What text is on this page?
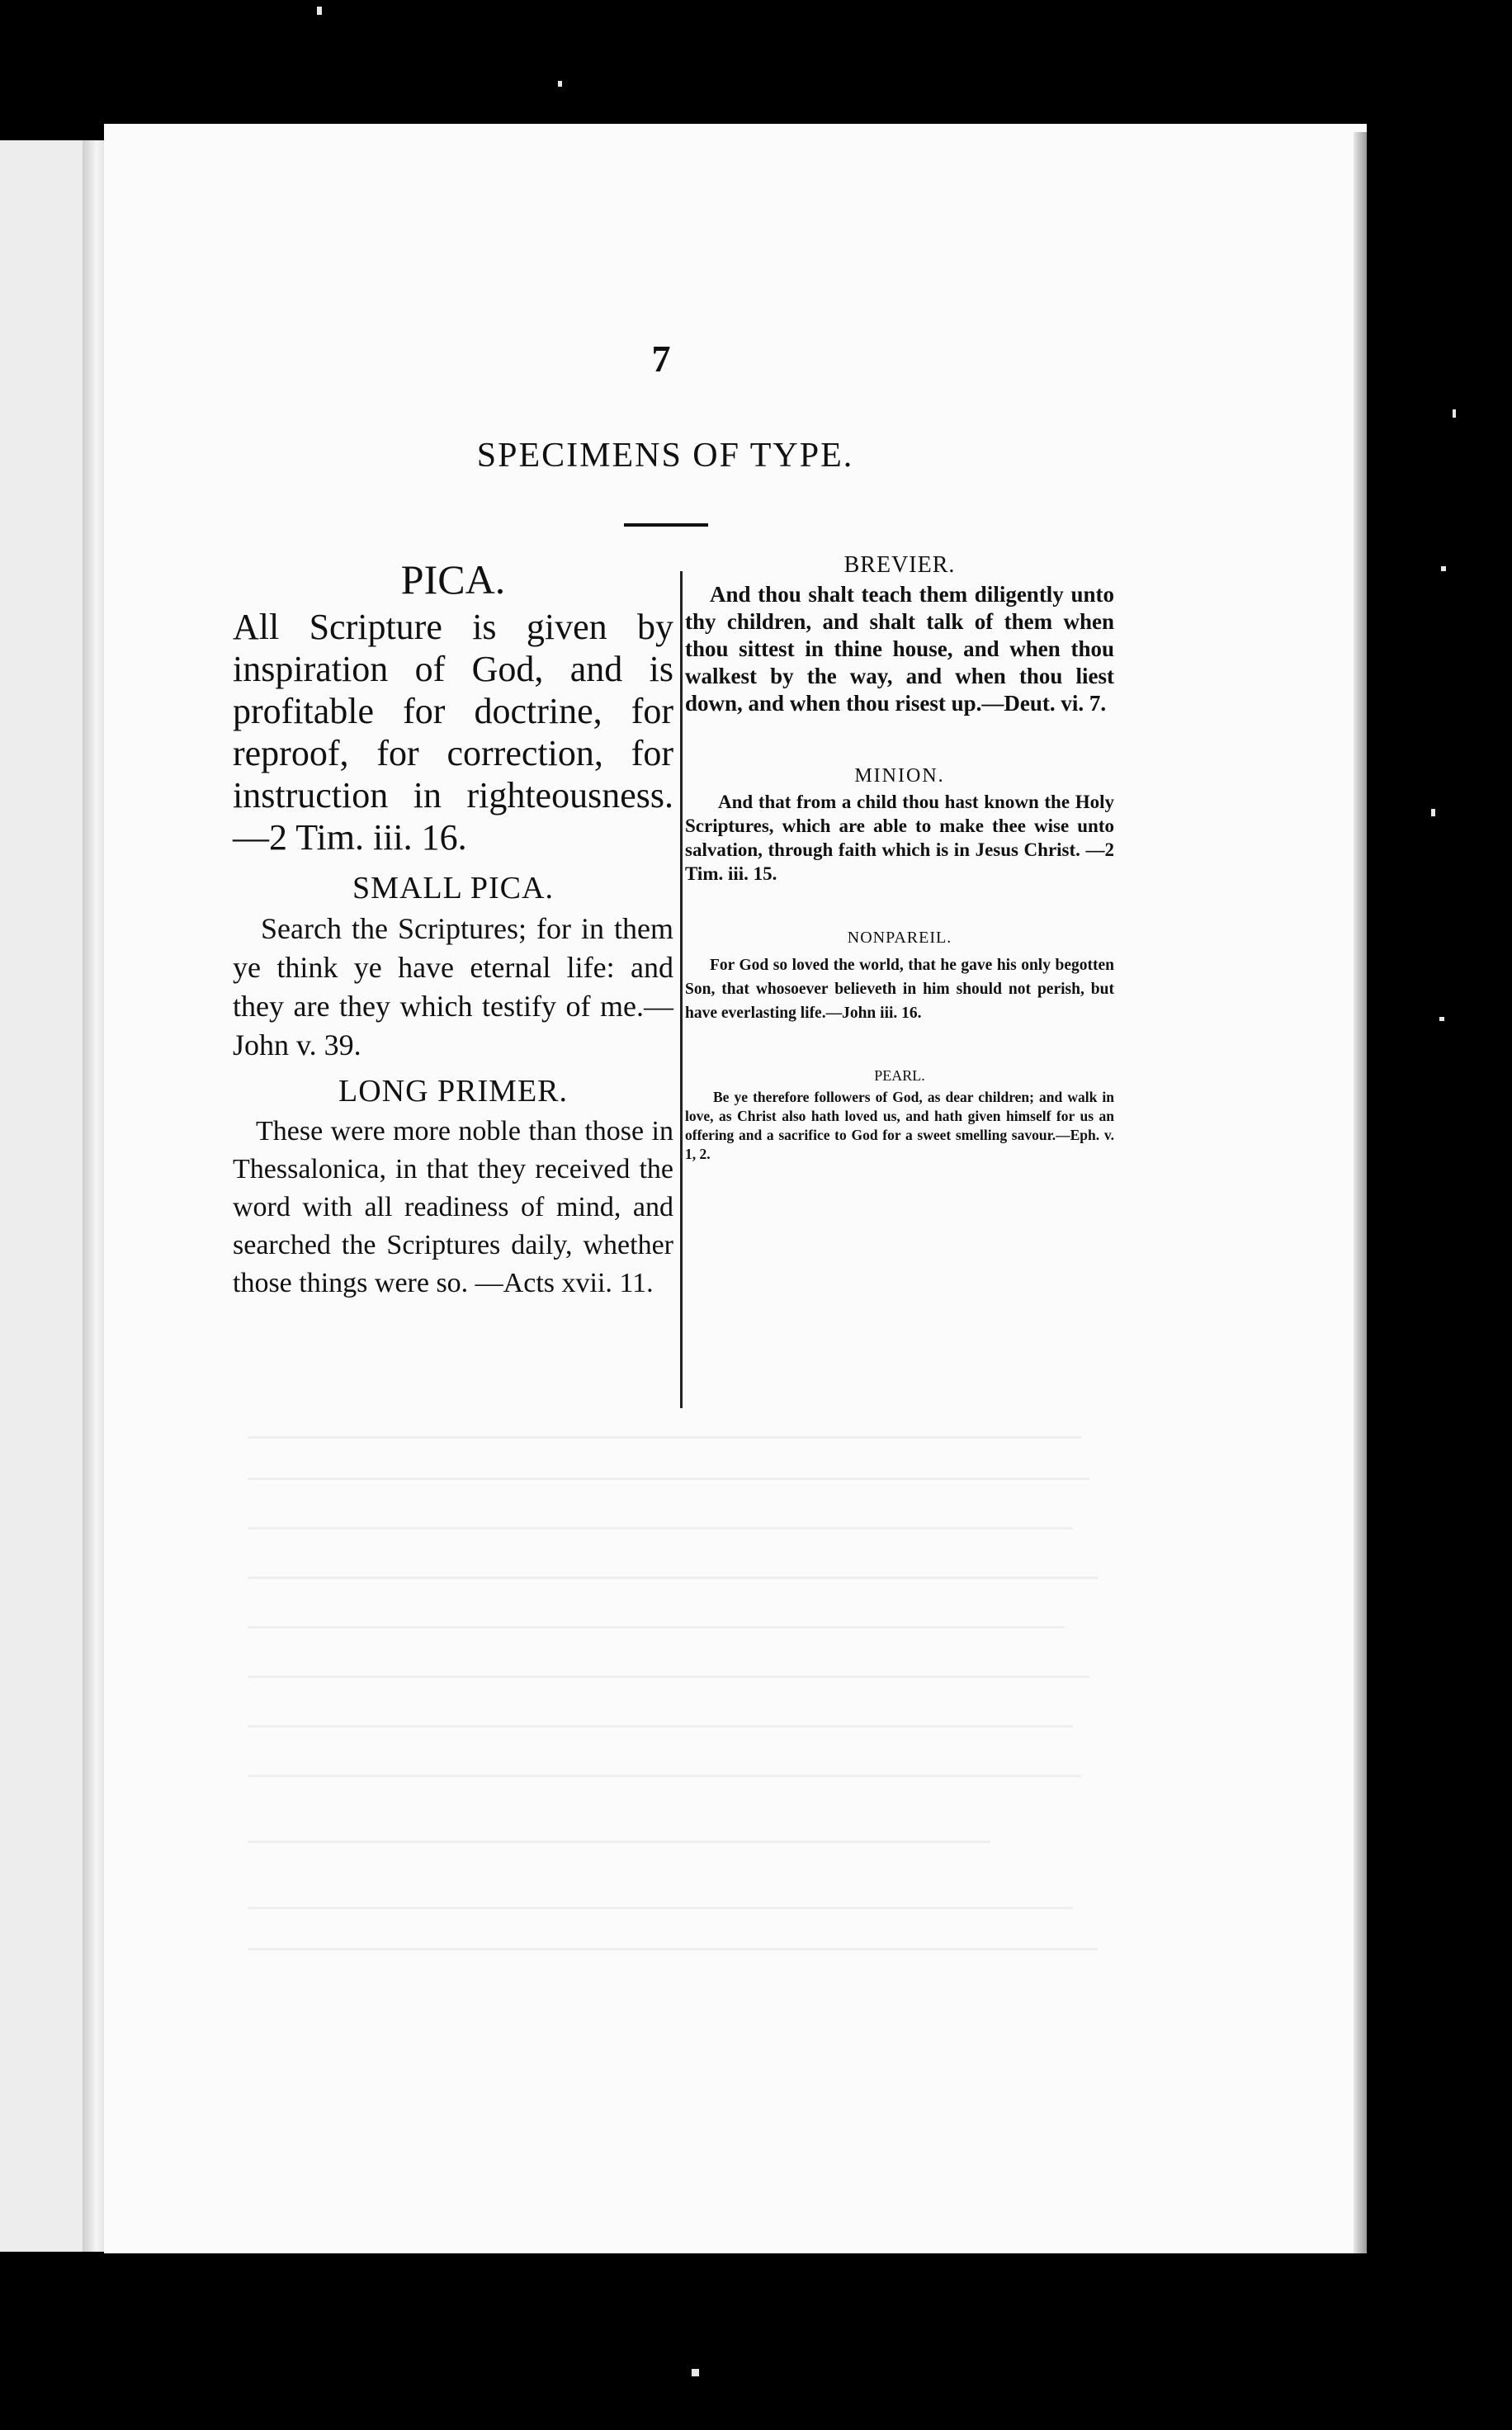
7
SPECIMENS OF TYPE.

PICA.

All Scripture is given by inspiration of God, and is profitable for doctrine, for reproof, for correction, for instruction in righteousness.—2 Tim. iii. 16.

SMALL PICA.

Search the Scriptures; for in them ye think ye have eternal life: and they are they which testify of me.—John v. 39.

LONG PRIMER.

These were more noble than those in Thessalonica, in that they received the word with all readiness of mind, and searched the Scriptures daily, whether those things were so. —Acts xvii. 11.

BREVIER.

And thou shalt teach them diligently unto thy children, and shalt talk of them when thou sittest in thine house, and when thou walkest by the way, and when thou liest down, and when thou risest up.—Deut. vi. 7.

MINION.

And that from a child thou hast known the Holy Scriptures, which are able to make thee wise unto salvation, through faith which is in Jesus Christ. —2 Tim. iii. 15.

NONPAREIL.

For God so loved the world, that he gave his only begotten Son, that whosoever believeth in him should not perish, but have everlasting life.—John iii. 16.

PEARL.

Be ye therefore followers of God, as dear children; and walk in love, as Christ also hath loved us, and hath given himself for us an offering and a sacrifice to God for a sweet smelling savour.—Eph. v. 1, 2.
